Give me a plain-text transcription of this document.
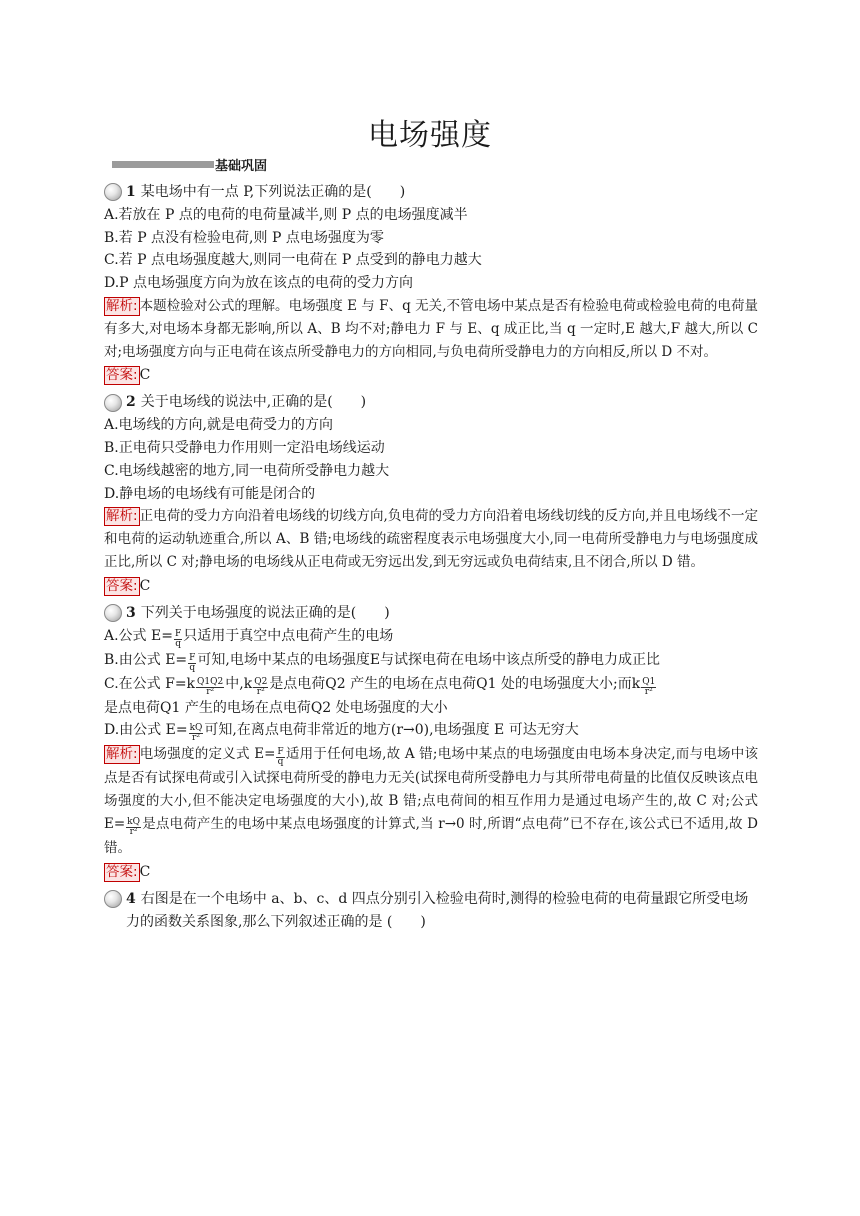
电场强度
基础巩固
1 某电场中有一点 P,下列说法正确的是(　　)
A.若放在 P 点的电荷的电荷量减半,则 P 点的电场强度减半
B.若 P 点没有检验电荷,则 P 点电场强度为零
C.若 P 点电场强度越大,则同一电荷在 P 点受到的静电力越大
D.P 点电场强度方向为放在该点的电荷的受力方向
解析: 本题检验对公式的理解。电场强度 E 与 F、q 无关,不管电场中某点是否有检验电荷或检验电荷的电荷量有多大,对电场本身都无影响,所以 A、B 均不对;静电力 F 与 E、q 成正比,当 q 一定时,E 越大,F 越大,所以 C 对;电场强度方向与正电荷在该点所受静电力的方向相同,与负电荷所受静电力的方向相反,所以 D 不对。
答案: C
2 关于电场线的说法中,正确的是(　　)
A.电场线的方向,就是电荷受力的方向
B.正电荷只受静电力作用则一定沿电场线运动
C.电场线越密的地方,同一电荷所受静电力越大
D.静电场的电场线有可能是闭合的
解析: 正电荷的受力方向沿着电场线的切线方向,负电荷的受力方向沿着电场线切线的反方向,并且电场线不一定和电荷的运动轨迹重合,所以 A、B 错;电场线的疏密程度表示电场强度大小,同一电荷所受静电力与电场强度成正比,所以 C 对;静电场的电场线从正电荷或无穷远出发,到无穷远或负电荷结束,且不闭合,所以 D 错。
答案: C
3 下列关于电场强度的说法正确的是(　　)
A.公式 $E= \frac{F}{q}$ 只适用于真空中点电荷产生的电场
B.由公式 $E= \frac{F}{q}$ 可知,电场中某点的电场强度E与试探电荷在电场中该点所受的静电力成正比
C.在公式 $F=k \frac{Q1Q2}{\text{r²}}$ 中$,k \frac{Q2}{\text{r²}}$ 是点电荷Q2 产生的电场在点电荷Q1 处的电场强度大小;而k $\frac{Q1}{\text{r²}}$
是点电荷Q1 产生的电场在点电荷Q2 处电场强度的大小
D.由公式 $E= \frac{kQ}{\text{r²}}$ 可知,在离点电荷非常近的地方(r→0),电场强度 E 可达无穷大
解析: 电场强度的定义式 $E= \frac{F}{q}$ 适用于任何电场,故 A 错;电场中某点的电场强度由电场本身决定,而与电场中该点是否有试探电荷或引入试探电荷所受的静电力无关(试探电荷所受静电力与其所带电荷量的比值仅反映该点电场强度的大小,但不能决定电场强度的大小),故 B 错;点电荷间的相互作用力是通过电场产生的,故 C 对;公式 $E= \frac{kQ}{\text{r²}}$ 是点电荷产生的电场中某点电场强度的计算式,当 r→0 时,所谓“点电荷”已不存在,该公式已不适用,故 D 错。
答案: C
4 右图是在一个电场中 a、b、c、d 四点分别引入检验电荷时,测得的检验电荷的电荷量跟它所受电场力的函数关系图象,那么下列叙述正确的是 (　　)
